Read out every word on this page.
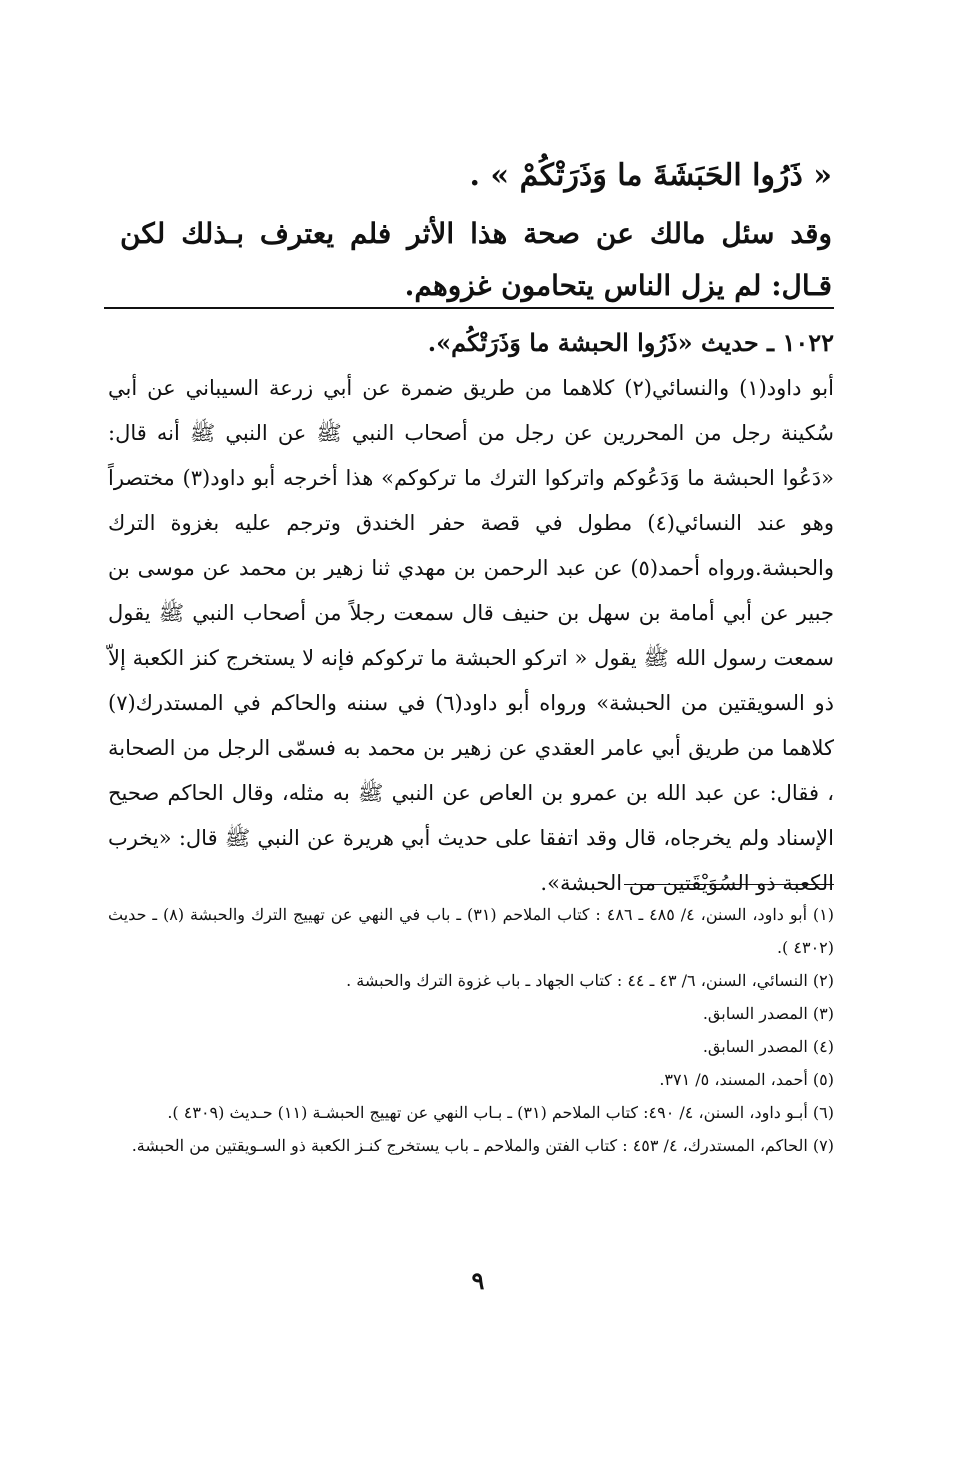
« ذَرُوا الحَبَشَةَ ما وَذَرَتْكُمْ » .

وقد سئل مالك عن صحة هذا الأثر فلم يعترف بـذلك لكن قـال: لم يزل الناس يتحامون غزوهم.

١٠٢٢ ـ حديث «ذَرُوا الحبشة ما وَذَرَتْكُم».

أبو داود(١) والنسائي(٢) كلاهما من طريق ضمرة عن أبي زرعة السيباني عن أبي سُكينة رجل من المحررين عن رجل من أصحاب النبي ﷺ عن النبي ﷺ أنه قال: «دَعُوا الحبشة ما وَدَعُوكم واتركوا الترك ما تركوكم» هذا أخرجه أبو داود(٣) مختصراً وهو عند النسائي(٤) مطول في قصة حفر الخندق وترجم عليه بغزوة الترك والحبشة.ورواه أحمد(٥) عن عبد الرحمن بن مهدي ثنا زهير بن محمد عن موسى بن جبير عن أبي أمامة بن سهل بن حنيف قال سمعت رجلاً من أصحاب النبي ﷺ يقول سمعت رسول الله ﷺ يقول « اتركو الحبشة ما تركوكم فإنه لا يستخرج كنز الكعبة إلاّ ذو السويقتين من الحبشة» ورواه أبو داود(٦) في سننه والحاكم في المستدرك(٧) كلاهما من طريق أبي عامر العقدي عن زهير بن محمد به فسمّى الرجل من الصحابة ، فقال: عن عبد الله بن عمرو بن العاص عن النبي ﷺ به مثله، وقال الحاكم صحيح الإسناد ولم يخرجاه، قال وقد اتفقا على حديث أبي هريرة عن النبي ﷺ قال: «يخرب الكعبة ذو السُوَيْقَتين من الحبشة».

(١) أبو داود، السنن، ٤/ ٤٨٥ ـ ٤٨٦ : كتاب الملاحم (٣١) ـ باب في النهي عن تهييج الترك والحبشة (٨) ـ حديث (٤٣٠٢ ).

(٢) النسائي، السنن، ٦/ ٤٣ ـ ٤٤ : كتاب الجهاد ـ باب غزوة الترك والحبشة .

(٣) المصدر السابق.

(٤) المصدر السابق.

(٥) أحمد، المسند، ٥/ ٣٧١.

(٦) أبـو داود، السنن، ٤/ ٤٩٠: كتاب الملاحم (٣١) ـ بـاب النهي عن تهييج الحبشـة (١١) حـديث (٤٣٠٩ ).

(٧) الحاكم، المستدرك، ٤/ ٤٥٣ : كتاب الفتن والملاحم ـ باب يستخرج كنـز الكعبة ذو السـويقتين من الحبشة.

٩
